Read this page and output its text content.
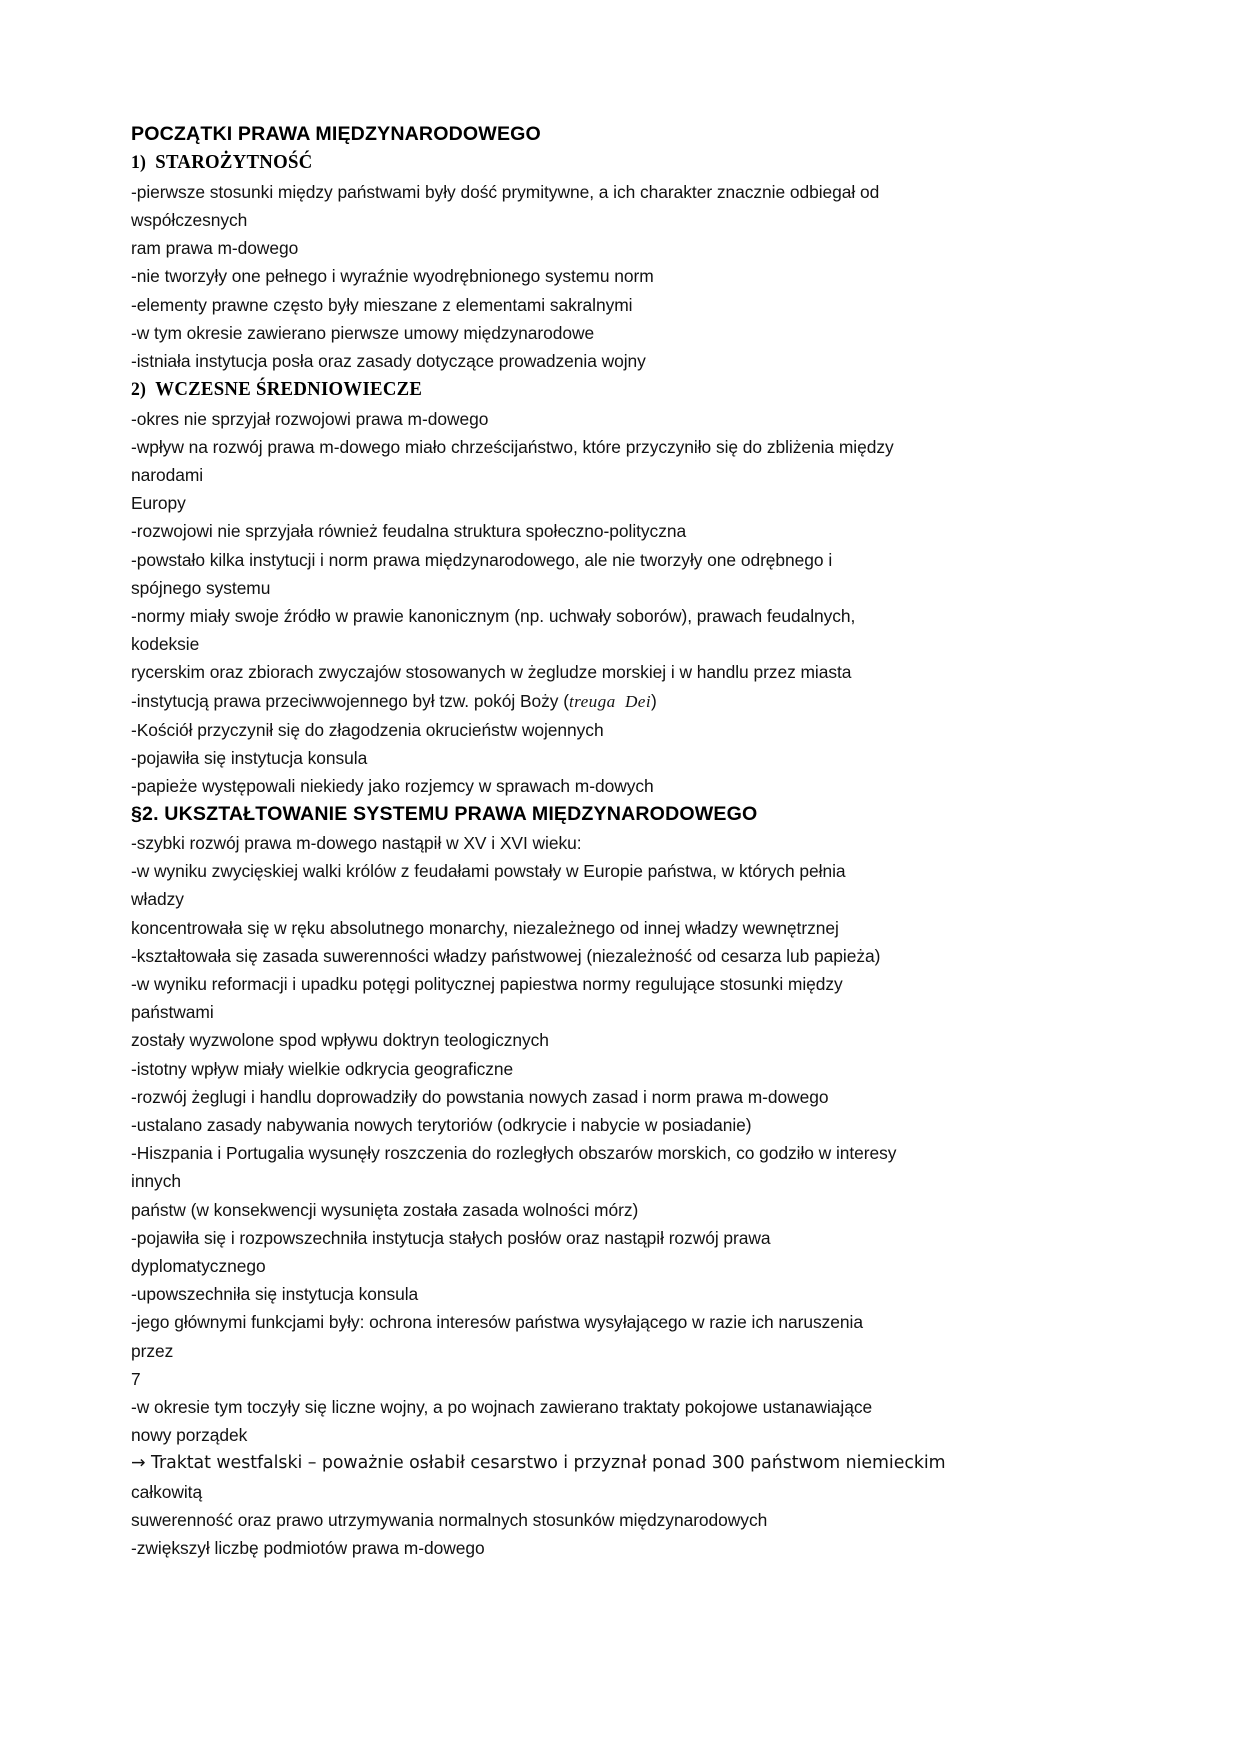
POCZĄTKI PRAWA MIĘDZYNARODOWEGO
1) STAROŻYTNOŚĆ
-pierwsze stosunki między państwami były dość prymitywne, a ich charakter znacznie odbiegał od
współczesnych
ram prawa m-dowego
-nie tworzyły one pełnego i wyraźnie wyodrębnionego systemu norm
-elementy prawne często były mieszane z elementami sakralnymi
-w tym okresie zawierano pierwsze umowy międzynarodowe
-istniała instytucja posła oraz zasady dotyczące prowadzenia wojny
2) WCZESNE ŚREDNIOWIECZE
-okres nie sprzyjał rozwojowi prawa m-dowego
-wpływ na rozwój prawa m-dowego miało chrześcijaństwo, które przyczyniło się do zbliżenia między
narodami
Europy
-rozwojowi nie sprzyjała również feudalna struktura społeczno-polityczna
-powstało kilka instytucji i norm prawa międzynarodowego, ale nie tworzyły one odrębnego i
spójnego systemu
-normy miały swoje źródło w prawie kanonicznym (np. uchwały soborów), prawach feudalnych,
kodeksie
rycerskim oraz zbiorach zwyczajów stosowanych w żegludze morskiej i w handlu przez miasta
-instytucją prawa przeciwwojennego był tzw. pokój Boży (treuga  Dei)
-Kościół przyczynił się do złagodzenia okrucieństw wojennych
-pojawiła się instytucja konsula
-papieże występowali niekiedy jako rozjemcy w sprawach m-dowych
§2. UKSZTAŁTOWANIE SYSTEMU PRAWA MIĘDZYNARODOWEGO
-szybki rozwój prawa m-dowego nastąpił w XV i XVI wieku:
-w wyniku zwycięskiej walki królów z feudałami powstały w Europie państwa, w których pełnia
władzy
koncentrowała się w ręku absolutnego monarchy, niezależnego od innej władzy wewnętrznej
-kształtowała się zasada suwerenności władzy państwowej (niezależność od cesarza lub papieża)
-w wyniku reformacji i upadku potęgi politycznej papiestwa normy regulujące stosunki między
państwami
zostały wyzwolone spod wpływu doktryn teologicznych
-istotny wpływ miały wielkie odkrycia geograficzne
-rozwój żeglugi i handlu doprowadziły do powstania nowych zasad i norm prawa m-dowego
-ustalano zasady nabywania nowych terytoriów (odkrycie i nabycie w posiadanie)
-Hiszpania i Portugalia wysunęły roszczenia do rozległych obszarów morskich, co godziło w interesy
innych
państw (w konsekwencji wysunięta została zasada wolności mórz)
-pojawiła się i rozpowszechniła instytucja stałych posłów oraz nastąpił rozwój prawa
dyplomatycznego
-upowszechniła się instytucja konsula
-jego głównymi funkcjami były: ochrona interesów państwa wysyłającego w razie ich naruszenia
przez
7
-w okresie tym toczyły się liczne wojny, a po wojnach zawierano traktaty pokojowe ustanawiające
nowy porządek
→ Traktat westfalski – poważnie osłabił cesarstwo i przyznał ponad 300 państwom niemieckim
całkowitą
suwerenność oraz prawo utrzymywania normalnych stosunków międzynarodowych
-zwiększył liczbę podmiotów prawa m-dowego
